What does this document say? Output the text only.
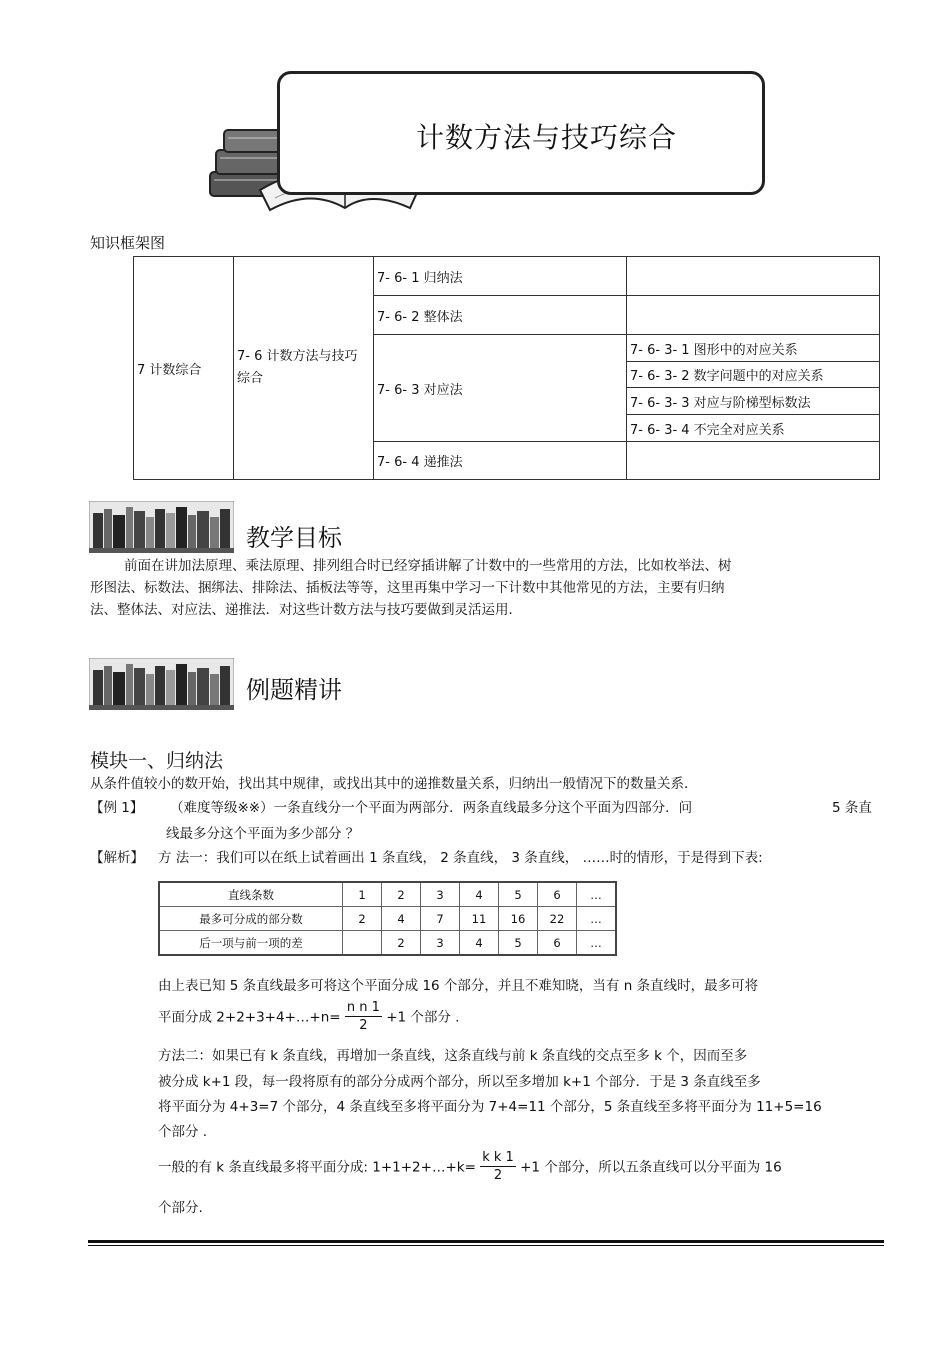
计数方法与技巧综合
知识框架图
7 计数综合	7- 6 计数方法与技巧综合	7- 6- 1 归纳法	
		7- 6- 2 整体法	
		7- 6- 3 对应法	7- 6- 3- 1 图形中的对应关系
			7- 6- 3- 2 数字问题中的对应关系
			7- 6- 3- 3 对应与阶梯型标数法
			7- 6- 3- 4 不完全对应关系
		7- 6- 4 递推法	
教学目标
前面在讲加法原理、乘法原理、排列组合时已经穿插讲解了计数中的一些常用的方法，比如枚举法、树
形图法、标数法、捆绑法、排除法、插板法等等，这里再集中学习一下计数中其他常见的方法，主要有归纳
法、整体法、对应法、递推法．对这些计数方法与技巧要做到灵活运用．
例题精讲
模块一、归纳法
从条件值较小的数开始，找出其中规律，或找出其中的递推数量关系，归纳出一般情况下的数量关系．
【例 1】 （难度等级※※）一条直线分一个平面为两部分．两条直线最多分这个平面为四部分．问	5 条直
线最多分这个平面为多少部分 ？
【解析】 方 法一：我们可以在纸上试着画出 1 条直线， 2 条直线， 3 条直线， ……时的情形，于是得到下表:
直线条数	1	2	3	4	5	6	…
最多可分成的部分数	2	4	7	11	16	22	…
后一项与前一项的差		2	3	4	5	6	…
由上表已知 5 条直线最多可将这个平面分成 16 个部分，并且不难知晓，当有 n 条直线时，最多可将
平面分成 2+2+3+4+…+n= $\frac{\text{n n 1}}{2} +1$ 个部分 .
方法二：如果已有 k 条直线，再增加一条直线，这条直线与前 k 条直线的交点至多 k 个，因而至多
被分成 k+1 段，每一段将原有的部分分成两个部分，所以至多增加 k+1 个部分．于是 3 条直线至多
将平面分为 4+3=7 个部分，4 条直线至多将平面分为 7+4=11 个部分，5 条直线至多将平面分为 11+5=16
个部分 .
一般的有 k 条直线最多将平面分成: 1+1+2+…+k= $\frac{\text{k k 1}}{2} +1$ 个部分，所以五条直线可以分平面为 16
个部分.
